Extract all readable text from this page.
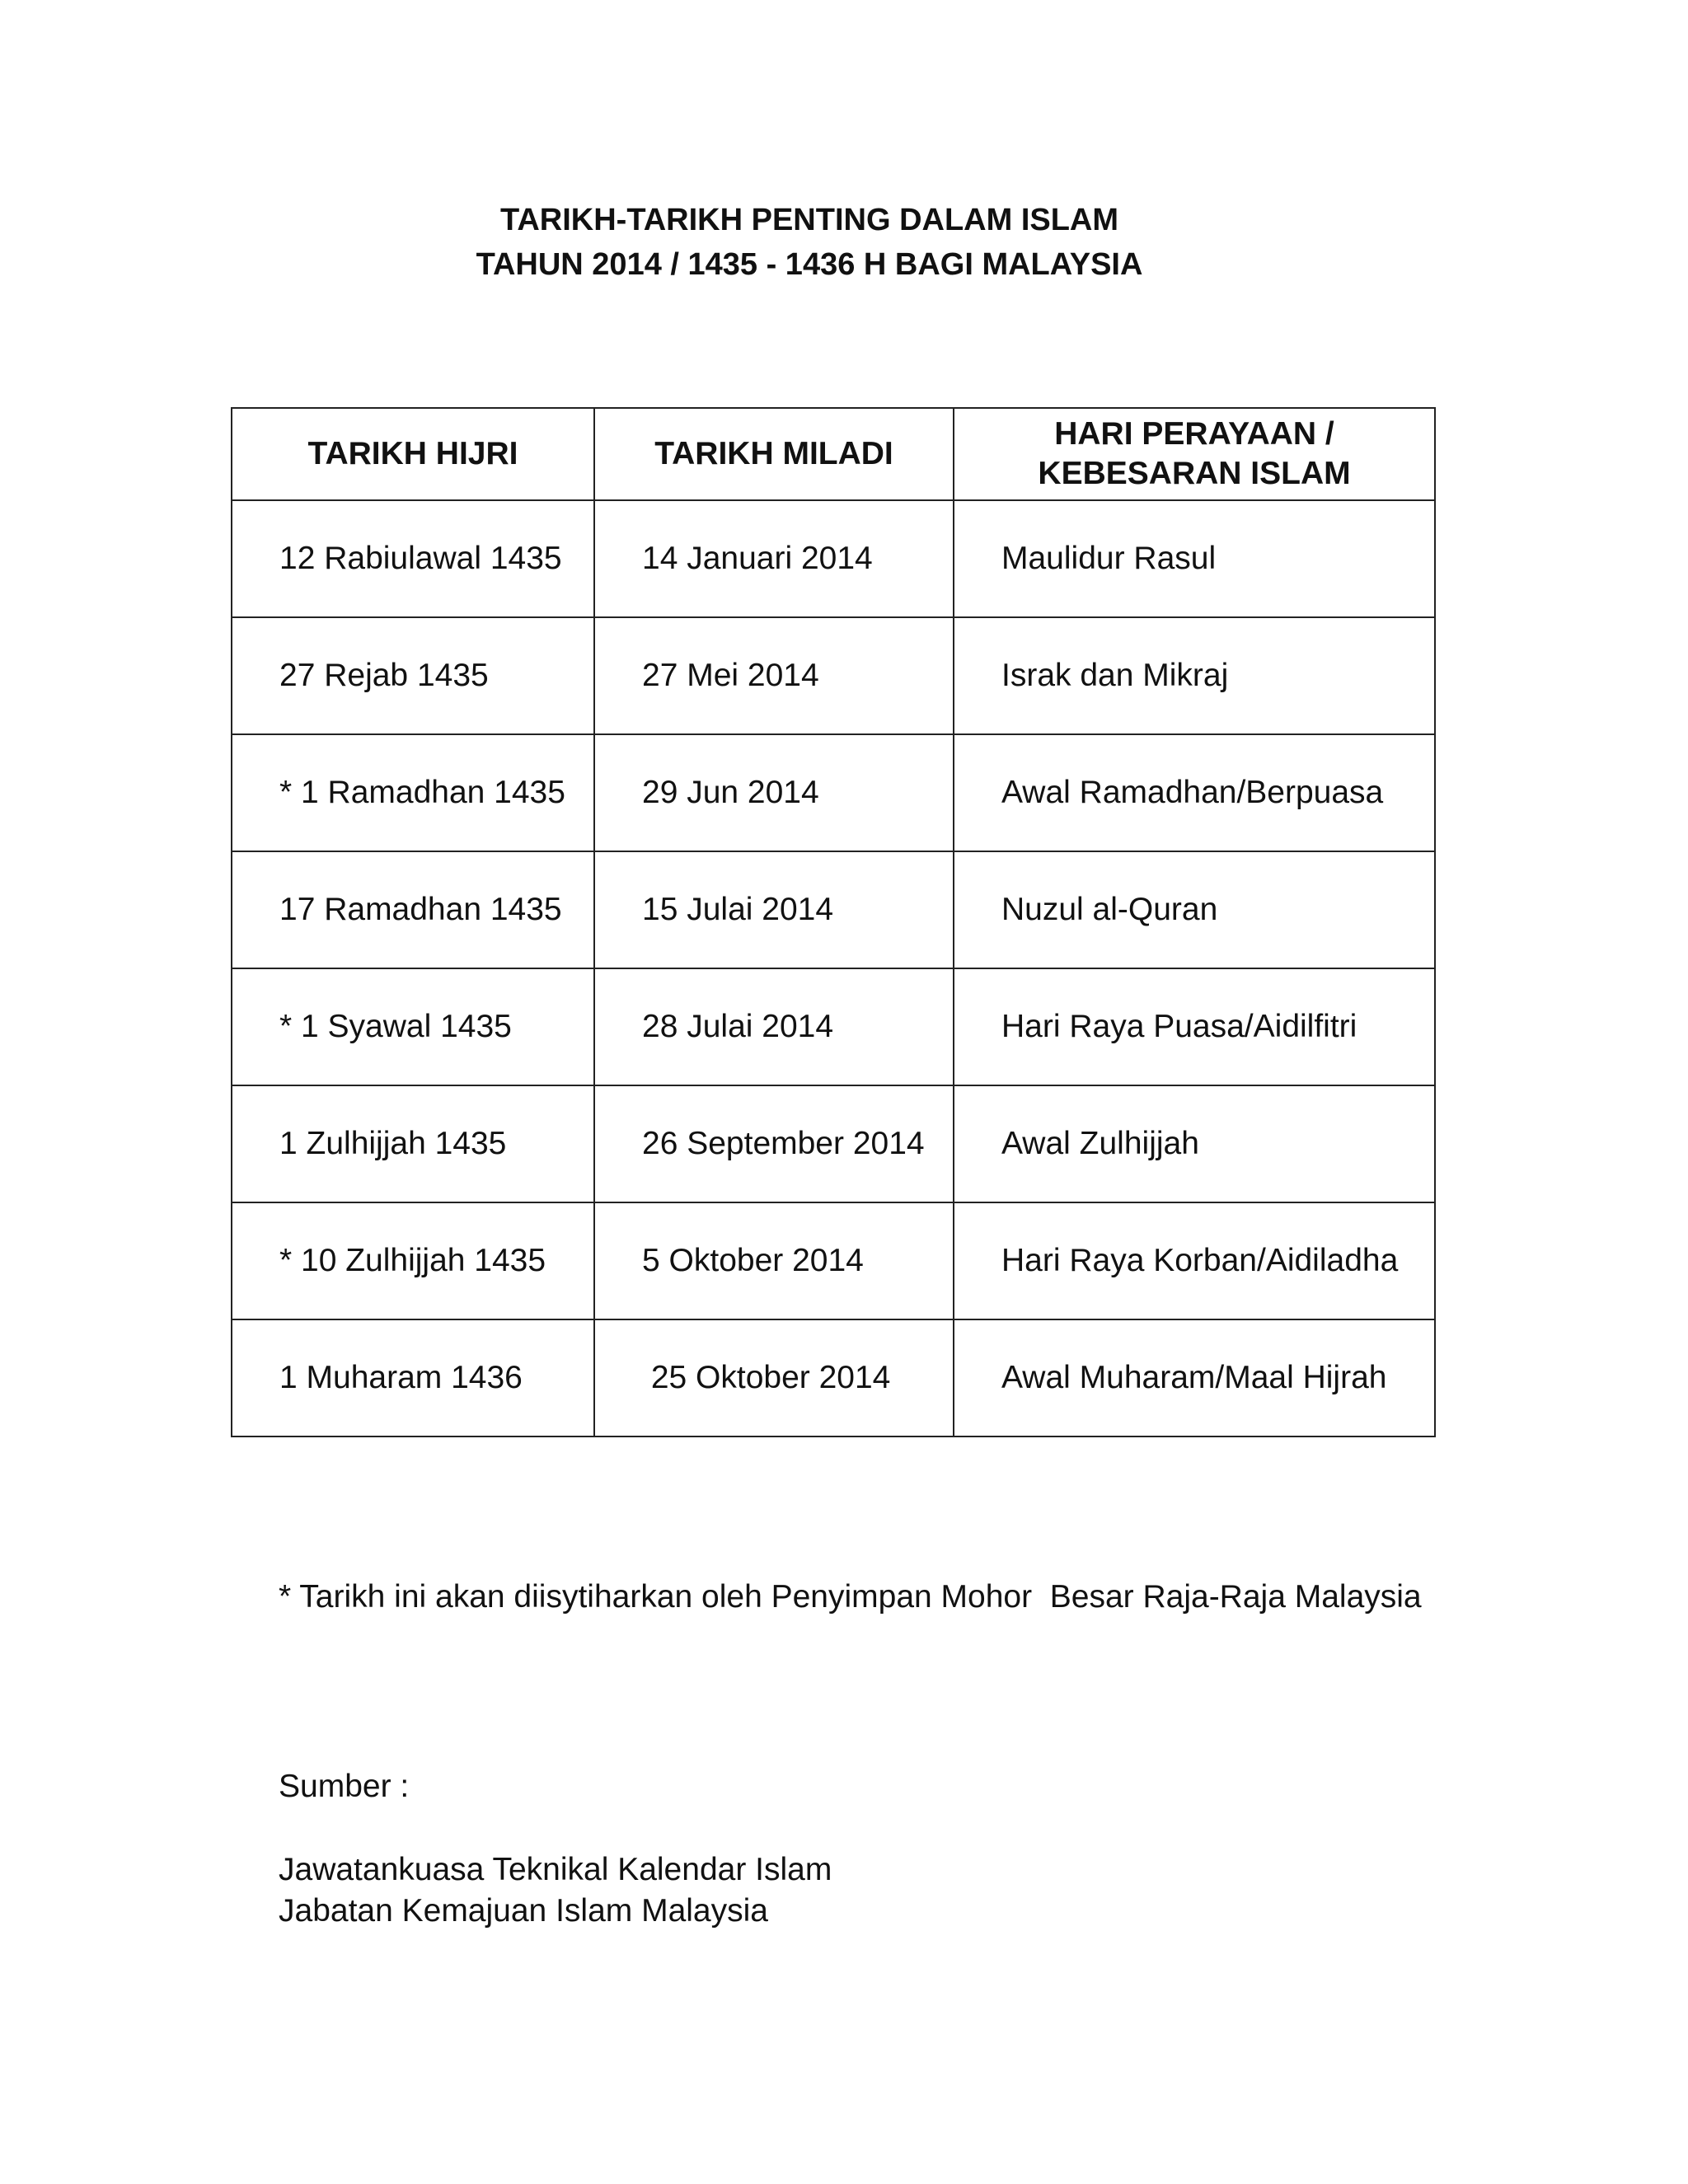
TARIKH-TARIKH PENTING DALAM ISLAM
TAHUN 2014 / 1435 - 1436 H BAGI MALAYSIA
TARIKH HIJRI	TARIKH MILADI	HARI PERAYAAN /
KEBESARAN ISLAM
12 Rabiulawal 1435	14 Januari 2014	Maulidur Rasul
27 Rejab 1435	27 Mei 2014	Israk dan Mikraj
* 1 Ramadhan 1435	29 Jun 2014	Awal Ramadhan/Berpuasa
17 Ramadhan 1435	15 Julai 2014	Nuzul al-Quran
* 1 Syawal 1435	28 Julai 2014	Hari Raya Puasa/Aidilfitri
1 Zulhijjah 1435	26 September 2014	Awal Zulhijjah
* 10 Zulhijjah 1435	5 Oktober 2014	Hari Raya Korban/Aidiladha
1 Muharam 1436	25 Oktober 2014	Awal Muharam/Maal Hijrah

* Tarikh ini akan diisytiharkan oleh Penyimpan Mohor  Besar Raja-Raja Malaysia

Sumber :

Jawatankuasa Teknikal Kalendar Islam

Jabatan Kemajuan Islam Malaysia
